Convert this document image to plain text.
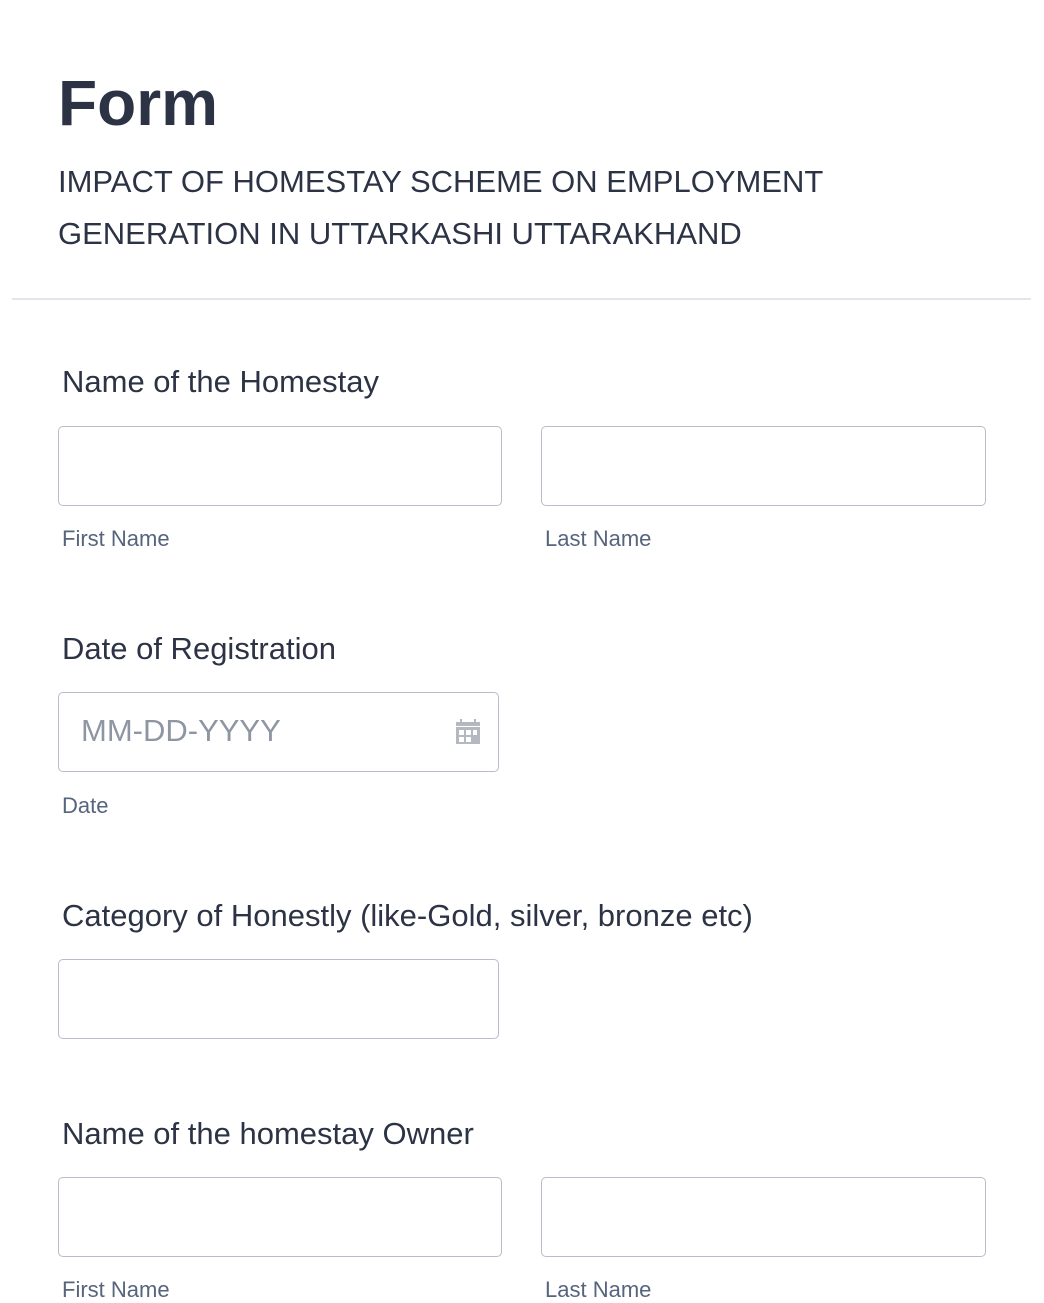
Form
IMPACT OF HOMESTAY SCHEME ON EMPLOYMENT GENERATION IN UTTARKASHI UTTARAKHAND
Name of the Homestay
First Name	Last Name
Date of Registration
MM-DD-YYYY
Date
Category of Honestly (like-Gold, silver, bronze etc)
Name of the homestay Owner
First Name	Last Name
